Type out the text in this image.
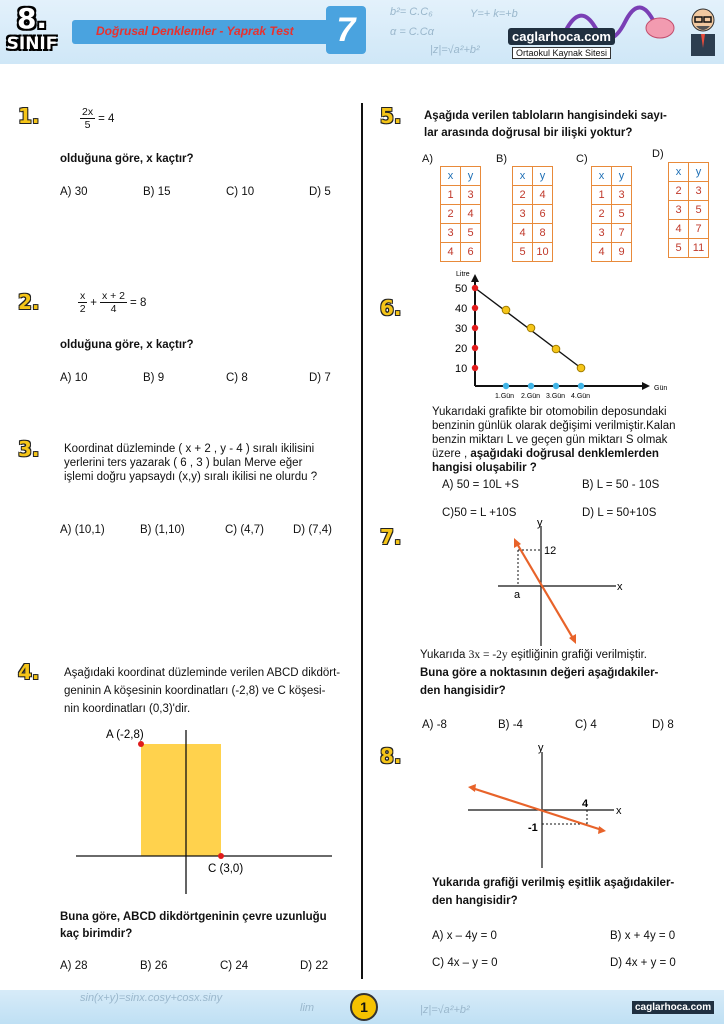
b²= C.C₆
α = C.Cα
|z|=√a²+b²
Y=+ k=+b
8.
SINIF
Doğrusal Denklemler - Yaprak Test	7	caglarhoca.com
Ortaokul Kaynak Sitesi
1.	$\frac{2x}{5} = 4$
olduğuna göre, x kaçtır?
A) 30	B) 15	C) 10	D) 5
2.	$\frac{x}{2} + \frac{x + 2}{4} = 8$
olduğuna göre, x kaçtır?
A) 10	B) 9	C) 8	D) 7
3. Koordinat düzleminde ( x + 2 , y - 4 ) sıralı ikilisini
yerlerini ters yazarak ( 6 , 3 ) bulan Merve eğer
işlemi doğru yapsaydı (x,y) sıralı ikilisi ne olurdu ?
A) (10,1)	B) (1,10)	C) (4,7)	D) (7,4)
4. Aşağıdaki koordinat düzleminde verilen ABCD dikdört-
geninin A köşesinin koordinatları (-2,8) ve C köşesi-
nin koordinatları (0,3)'dir.
A (-2,8)
C (3,0)
Buna göre, ABCD dikdörtgeninin çevre uzunluğu
kaç birimdir?
A) 28	B) 26	C) 24	D) 22
5. Aşağıda verilen tabloların hangisindeki sayı-
lar arasında doğrusal bir ilişki yoktur?
A)
x	y
1	3
2	4
3	5
4	6
B)
x	y
2	4
3	6
4	8
5	10
C)
x	y
1	3
2	5
3	7
4	9
D)
x	y
2	3
3	5
4	7
5	11
6.
Litre
Gün
50
40
30
20
10
1.Gün 2.Gün 3.Gün 4.Gün
Yukarıdaki grafikte bir otomobilin deposundaki
benzinin günlük olarak değişimi verilmiştir.Kalan
benzin miktarı L ve geçen gün miktarı S olmak
üzere , aşağıdaki doğrusal denklemlerden
hangisi oluşabilir ?
A) 50 = 10L +S	B) L = 50 - 10S
C)50 = L +10S	D) L = 50+10S
7.
y
x
12
a
Yukarıda 3x = -2y eşitliğinin grafiği verilmiştir.
Buna göre a noktasının değeri aşağıdakiler-
den hangisidir?
A) -8	B) -4	C) 4	D) 8
8.	y
x
4
-1
Yukarıda grafiği verilmiş eşitlik aşağıdakiler-
den hangisidir?
A) x – 4y = 0	B) x + 4y = 0
C) 4x – y = 0	D) 4x + y = 0
sin(x+y)=sinx.cosy+cosx.siny
lim	|z|=√a²+b²
1	caglarhoca.com
